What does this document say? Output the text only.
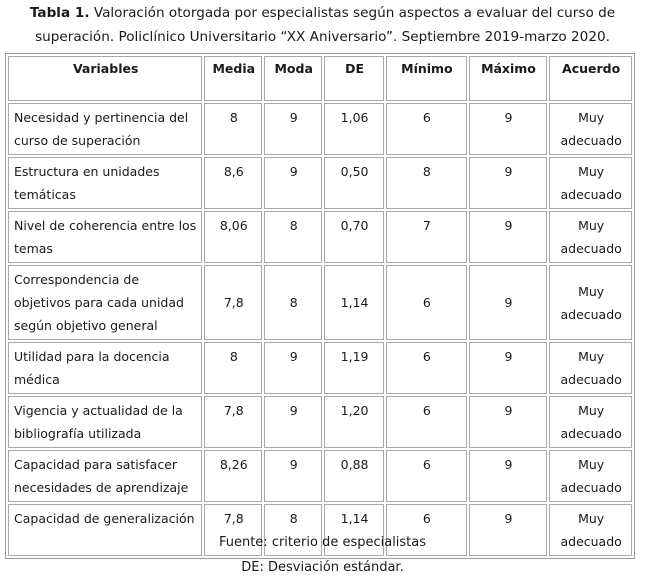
Tabla 1. Valoración otorgada por especialistas según aspectos a evaluar del curso de
superación. Policlínico Universitario “XX Aniversario”. Septiembre 2019-marzo 2020.
Variables	Media	Moda	DE	Mínimo	Máximo	Acuerdo
Necesidad y pertinencia del curso de superación	8	9	1,06	6	9	Muy adecuado
Estructura en unidades temáticas	8,6	9	0,50	8	9	Muy adecuado
Nivel de coherencia entre los temas	8,06	8	0,70	7	9	Muy adecuado
Correspondencia de objetivos para cada unidad según objetivo general	7,8	8	1,14	6	9	Muy adecuado
Utilidad para la docencia médica	8	9	1,19	6	9	Muy adecuado
Vigencia y actualidad de la bibliografía utilizada	7,8	9	1,20	6	9	Muy adecuado
Capacidad para satisfacer necesidades de aprendizaje	8,26	9	0,88	6	9	Muy adecuado
Capacidad de generalización	7,8	8	1,14	6	9	Muy adecuado
Fuente: criterio de especialistas
DE: Desviación estándar.
